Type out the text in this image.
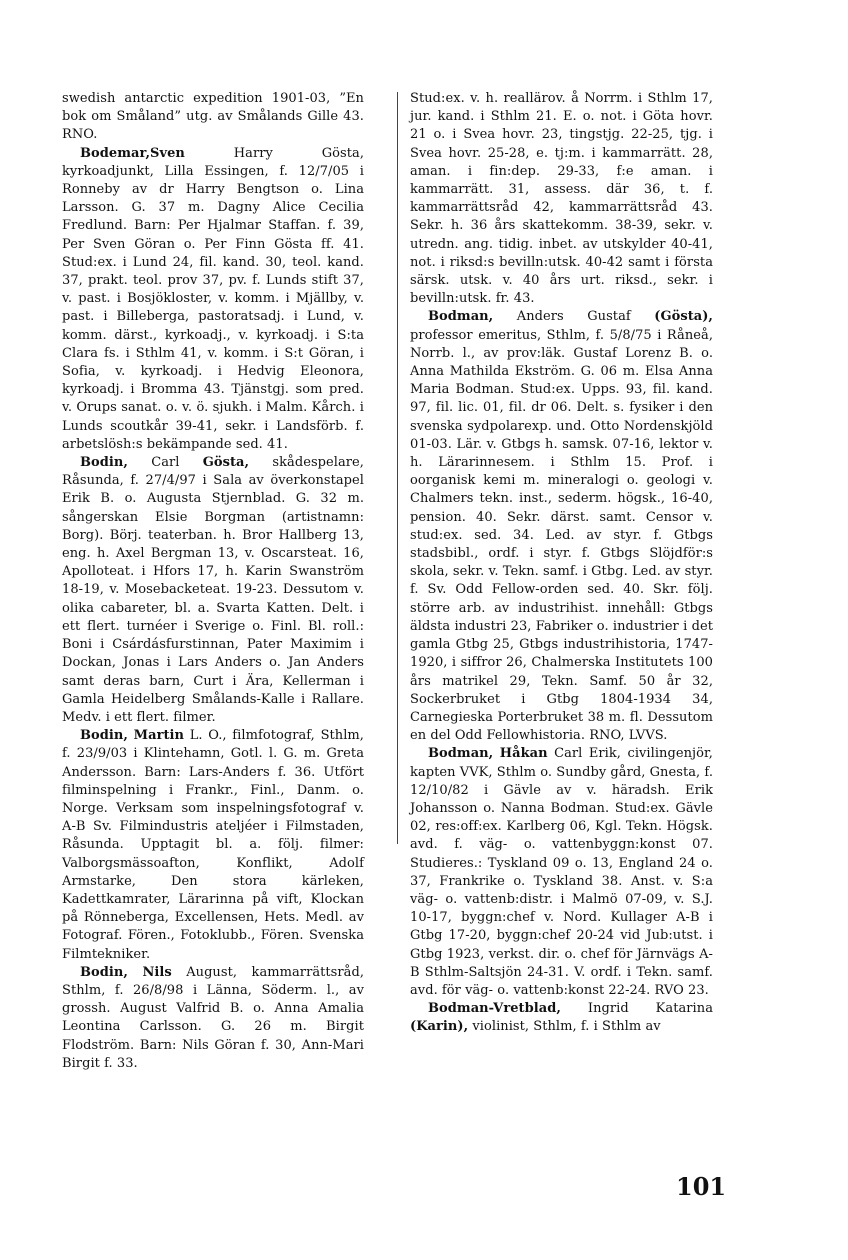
swedish antarctic expedition 1901-03, ”En bok om Småland” utg. av Smålands Gille 43. RNO.

Bodemar,Sven Harry Gösta, kyrkoadjunkt, Lilla Essingen, f. 12/7/05 i Ronneby av dr Harry Bengtson o. Lina Larsson. G. 37 m. Dagny Alice Cecilia Fredlund. Barn: Per Hjalmar Staffan. f. 39, Per Sven Göran o. Per Finn Gösta ff. 41. Stud:ex. i Lund 24, fil. kand. 30, teol. kand. 37, prakt. teol. prov 37, pv. f. Lunds stift 37, v. past. i Bosjökloster, v. komm. i Mjällby, v. past. i Billeberga, pastoratsadj. i Lund, v. komm. därst., kyrkoadj., v. kyrkoadj. i S:ta Clara fs. i Sthlm 41, v. komm. i S:t Göran, i Sofia, v. kyrkoadj. i Hedvig Eleonora, kyrkoadj. i Bromma 43. Tjänstgj. som pred. v. Orups sanat. o. v. ö. sjukh. i Malm. Kårch. i Lunds scoutkår 39-41, sekr. i Landsförb. f. arbetslösh:s bekämpande sed. 41.

Bodin, Carl Gösta, skådespelare, Råsunda, f. 27/4/97 i Sala av överkonstapel Erik B. o. Augusta Stjernblad. G. 32 m. sångerskan Elsie Borgman (artistnamn: Borg). Börj. teaterban. h. Bror Hallberg 13, eng. h. Axel Bergman 13, v. Oscarsteat. 16, Apolloteat. i Hfors 17, h. Karin Swanström 18-19, v. Mosebacketeat. 19-23. Dessutom v. olika cabareter, bl. a. Svarta Katten. Delt. i ett flert. turnéer i Sverige o. Finl. Bl. roll.: Boni i Csárdásfurstinnan, Pater Maximim i Dockan, Jonas i Lars Anders o. Jan Anders samt deras barn, Curt i Ära, Kellerman i Gamla Heidelberg Smålands-Kalle i Rallare. Medv. i ett flert. filmer.

Bodin, Martin L. O., filmfotograf, Sthlm, f. 23/9/03 i Klintehamn, Gotl. l. G. m. Greta Andersson. Barn: Lars-Anders f. 36. Utfört filminspelning i Frankr., Finl., Danm. o. Norge. Verksam som inspelningsfotograf v. A-B Sv. Filmindustris ateljéer i Filmstaden, Råsunda. Upptagit bl. a. följ. filmer: Valborgsmässoafton, Konflikt, Adolf Armstarke, Den stora kärleken, Kadettkamrater, Lärarinna på vift, Klockan på Rönneberga, Excellensen, Hets. Medl. av Fotograf. Fören., Fotoklubb., Fören. Svenska Filmtekniker.

Bodin, Nils August, kammarrättsråd, Sthlm, f. 26/8/98 i Länna, Söderm. l., av grossh. August Valfrid B. o. Anna Amalia Leontina Carlsson. G. 26 m. Birgit Flodström. Barn: Nils Göran f. 30, Ann-Mari Birgit f. 33.

Stud:ex. v. h. reallärov. å Norrm. i Sthlm 17, jur. kand. i Sthlm 21. E. o. not. i Göta hovr. 21 o. i Svea hovr. 23, tingstjg. 22-25, tjg. i Svea hovr. 25-28, e. tj:m. i kammarrätt. 28, aman. i fin:dep. 29-33, f:e aman. i kammarrätt. 31, assess. där 36, t. f. kammarrättsråd 42, kammarrättsråd 43. Sekr. h. 36 års skattekomm. 38-39, sekr. v. utredn. ang. tidig. inbet. av utskylder 40-41, not. i riksd:s bevilln:utsk. 40-42 samt i första särsk. utsk. v. 40 års urt. riksd., sekr. i bevilln:utsk. fr. 43.

Bodman, Anders Gustaf (Gösta), professor emeritus, Sthlm, f. 5/8/75 i Råneå, Norrb. l., av prov:läk. Gustaf Lorenz B. o. Anna Mathilda Ekström. G. 06 m. Elsa Anna Maria Bodman. Stud:ex. Upps. 93, fil. kand. 97, fil. lic. 01, fil. dr 06. Delt. s. fysiker i den svenska sydpolarexp. und. Otto Nordenskjöld 01-03. Lär. v. Gtbgs h. samsk. 07-16, lektor v. h. Lärarinnesem. i Sthlm 15. Prof. i oorganisk kemi m. mineralogi o. geologi v. Chalmers tekn. inst., sederm. högsk., 16-40, pension. 40. Sekr. därst. samt. Censor v. stud:ex. sed. 34. Led. av styr. f. Gtbgs stadsbibl., ordf. i styr. f. Gtbgs Slöjdför:s skola, sekr. v. Tekn. samf. i Gtbg. Led. av styr. f. Sv. Odd Fellow-orden sed. 40. Skr. följ. större arb. av industrihist. innehåll: Gtbgs äldsta industri 23, Fabriker o. industrier i det gamla Gtbg 25, Gtbgs industrihistoria, 1747-1920, i siffror 26, Chalmerska Institutets 100 års matrikel 29, Tekn. Samf. 50 år 32, Sockerbruket i Gtbg 1804-1934 34, Carnegieska Porterbruket 38 m. fl. Dessutom en del Odd Fellowhistoria. RNO, LVVS.

Bodman, Håkan Carl Erik, civilingenjör, kapten VVK, Sthlm o. Sundby gård, Gnesta, f. 12/10/82 i Gävle av v. häradsh. Erik Johansson o. Nanna Bodman. Stud:ex. Gävle 02, res:off:ex. Karlberg 06, Kgl. Tekn. Högsk. avd. f. väg- o. vattenbyggn:konst 07. Studieres.: Tyskland 09 o. 13, England 24 o. 37, Frankrike o. Tyskland 38. Anst. v. S:a väg- o. vattenb:distr. i Malmö 07-09, v. S.J. 10-17, byggn:chef v. Nord. Kullager A-B i Gtbg 17-20, byggn:chef 20-24 vid Jub:utst. i Gtbg 1923, verkst. dir. o. chef för Järnvägs A-B Sthlm-Saltsjön 24-31. V. ordf. i Tekn. samf. avd. för väg- o. vattenb:konst 22-24. RVO 23.

Bodman-Vretblad, Ingrid Katarina (Karin), violinist, Sthlm, f. i Sthlm av

101
